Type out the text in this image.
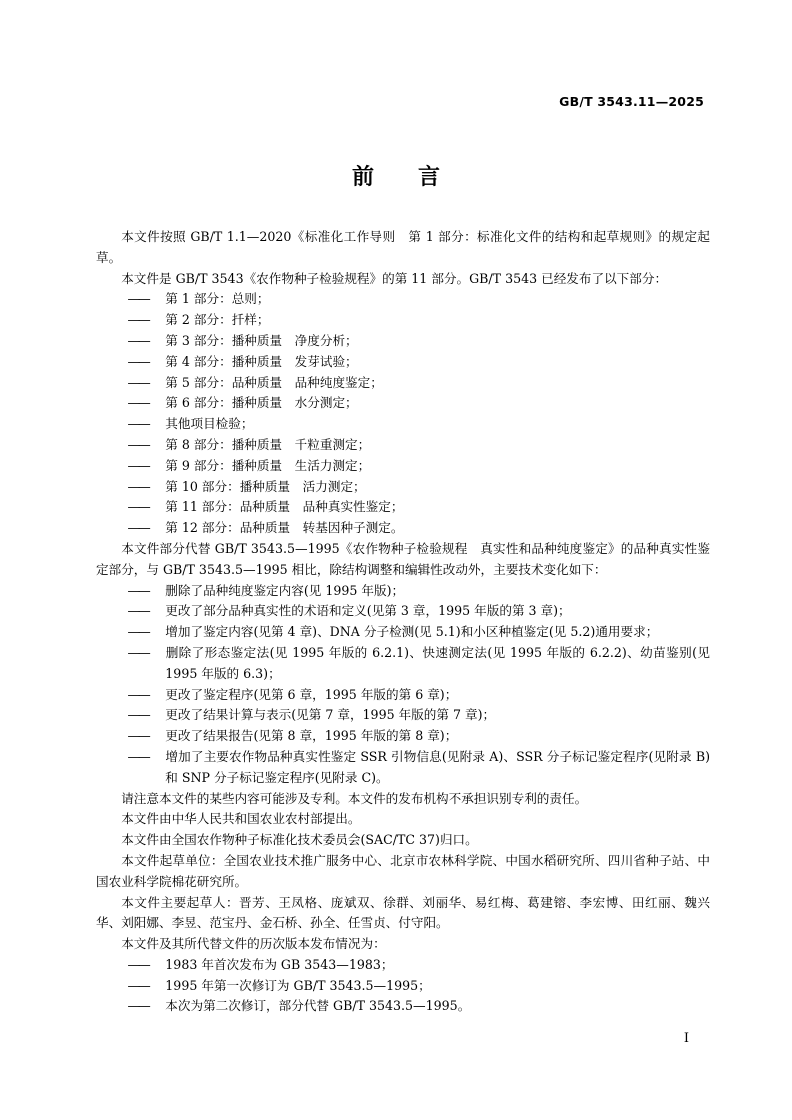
GB/T 3543.11—2025
前 言

本文件按照 GB/T 1.1—2020《标准化工作导则　第 1 部分：标准化文件的结构和起草规则》的规定起草。

本文件是 GB/T 3543《农作物种子检验规程》的第 11 部分。GB/T 3543 已经发布了以下部分：

—— 第 1 部分：总则；

—— 第 2 部分：扦样；

—— 第 3 部分：播种质量　净度分析；

—— 第 4 部分：播种质量　发芽试验；

—— 第 5 部分：品种质量　品种纯度鉴定；

—— 第 6 部分：播种质量　水分测定；

—— 其他项目检验；

—— 第 8 部分：播种质量　千粒重测定；

—— 第 9 部分：播种质量　生活力测定；

—— 第 10 部分：播种质量　活力测定；

—— 第 11 部分：品种质量　品种真实性鉴定；

—— 第 12 部分：品种质量　转基因种子测定。

本文件部分代替 GB/T 3543.5—1995《农作物种子检验规程　真实性和品种纯度鉴定》的品种真实性鉴定部分，与 GB/T 3543.5—1995 相比，除结构调整和编辑性改动外，主要技术变化如下：

—— 删除了品种纯度鉴定内容(见 1995 年版)；

—— 更改了部分品种真实性的术语和定义(见第 3 章，1995 年版的第 3 章)；

—— 增加了鉴定内容(见第 4 章)、DNA 分子检测(见 5.1)和小区种植鉴定(见 5.2)通用要求；

—— 删除了形态鉴定法(见 1995 年版的 6.2.1)、快速测定法(见 1995 年版的 6.2.2)、幼苗鉴别(见 1995 年版的 6.3)；

—— 更改了鉴定程序(见第 6 章，1995 年版的第 6 章)；

—— 更改了结果计算与表示(见第 7 章，1995 年版的第 7 章)；

—— 更改了结果报告(见第 8 章，1995 年版的第 8 章)；

—— 增加了主要农作物品种真实性鉴定 SSR 引物信息(见附录 A)、SSR 分子标记鉴定程序(见附录 B)和 SNP 分子标记鉴定程序(见附录 C)。

请注意本文件的某些内容可能涉及专利。本文件的发布机构不承担识别专利的责任。

本文件由中华人民共和国农业农村部提出。

本文件由全国农作物种子标准化技术委员会(SAC/TC 37)归口。

本文件起草单位：全国农业技术推广服务中心、北京市农林科学院、中国水稻研究所、四川省种子站、中国农业科学院棉花研究所。

本文件主要起草人：晋芳、王凤格、庞斌双、徐群、刘丽华、易红梅、葛建镕、李宏博、田红丽、魏兴华、刘阳娜、李昱、范宝丹、金石桥、孙全、任雪贞、付守阳。

本文件及其所代替文件的历次版本发布情况为：

—— 1983 年首次发布为 GB 3543—1983；

—— 1995 年第一次修订为 GB/T 3543.5—1995；

—— 本次为第二次修订，部分代替 GB/T 3543.5—1995。

I
